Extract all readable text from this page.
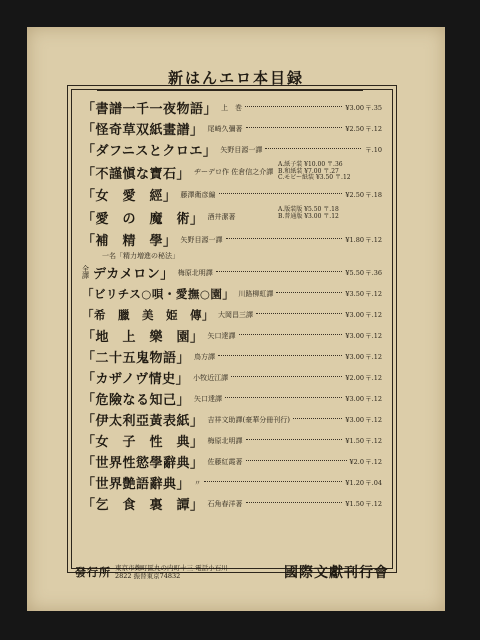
新はんエロ本目録
「書譜一千一夜物語」 上　巻	¥3.00 〒.35
「怪奇草双紙畫譜」 尾崎久彌著	¥2.50 〒.12
「ダフニスとクロエ」 矢野目源一譯	〒.10
「不謹愼な寶石」 ヂーデロ作 佐倉信之介譯
A.紙子装 ¥10.00 〒.36
B.和紙装 ¥7.00 〒.27
C.モビー紙装 ¥3.50 〒.12
「女　愛　經」 藤澤衛彦編	¥2.50 〒.18
「愛　の　魔　術」 酒井潔著
A.版装版 ¥5.50 〒.18
B.普通版 ¥3.00 〒.12
「補　精　學」 矢野目源一譯	¥1.80 〒.12
一名「精力増進の秘法」
全譯 デカメロン」 梅原北明譯	¥5.50 〒.36
「ビリチス○唄・愛撫○園」 川路柳虹譯	¥3.50 〒.12
「希　臘　美　姫　傳」 大岡昌三譯	¥3.00 〒.12
「地　上　樂　園」 矢口達譯	¥3.00 〒.12
「二十五鬼物語」 鳥方譯	¥3.00 〒.12
「カザノヴ情史」 小牧近江譯	¥2.00 〒.12
「危險なる知己」 矢口達譯	¥3.00 〒.12
「伊太利亞黃表紙」 吉祥文助譯(豪華分冊刊行)	¥3.00 〒.12
「女　子　性　典」 梅原北明譯	¥1.50 〒.12
「世界性慾學辭典」 佐藤紅霞著	¥2.0 〒.12
「世界艶語辭典」 〃	¥1.20 〒.04
「乞　食　裏　譚」 石角春洋著	¥1.50 〒.12
發行所 東京市麹町區丸の内町十三 電話小石川2822 振替東京74832	國際文獻刊行會
